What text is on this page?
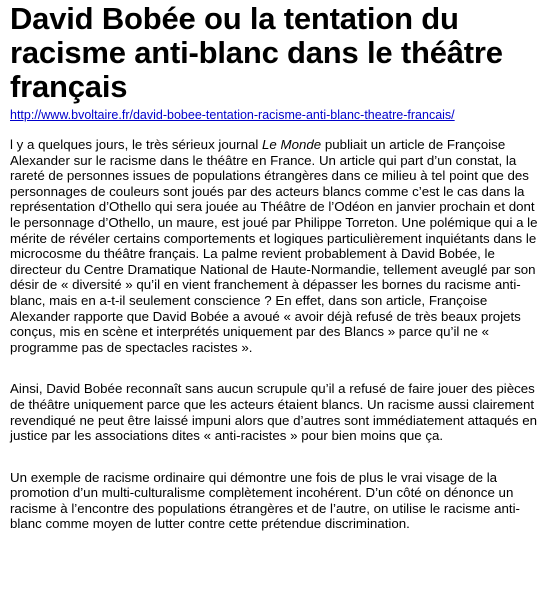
David Bobée ou la tentation du racisme anti-blanc dans le théâtre français
http://www.bvoltaire.fr/david-bobee-tentation-racisme-anti-blanc-theatre-francais/

l y a quelques jours, le très sérieux journal Le Monde publiait un article de Françoise Alexander sur le racisme dans le théâtre en France. Un article qui part d’un constat, la rareté de personnes issues de populations étrangères dans ce milieu à tel point que des personnages de couleurs sont joués par des acteurs blancs comme c’est le cas dans la représentation d’Othello qui sera jouée au Théâtre de l’Odéon en janvier prochain et dont le personnage d’Othello, un maure, est joué par Philippe Torreton. Une polémique qui a le mérite de révéler certains comportements et logiques particulièrement inquiétants dans le microcosme du théâtre français. La palme revient probablement à David Bobée, le directeur du Centre Dramatique National de Haute-Normandie, tellement aveuglé par son désir de « diversité » qu’il en vient franchement à dépasser les bornes du racisme anti-blanc, mais en a-t-il seulement conscience ? En effet, dans son article, Françoise Alexander rapporte que David Bobée a avoué « avoir déjà refusé de très beaux projets conçus, mis en scène et interprétés uniquement par des Blancs » parce qu’il ne « programme pas de spectacles racistes ».

Ainsi, David Bobée reconnaît sans aucun scrupule qu’il a refusé de faire jouer des pièces de théâtre uniquement parce que les acteurs étaient blancs. Un racisme aussi clairement revendiqué ne peut être laissé impuni alors que d’autres sont immédiatement attaqués en justice par les associations dites « anti-racistes » pour bien moins que ça.

Un exemple de racisme ordinaire qui démontre une fois de plus le vrai visage de la promotion d’un multi-culturalisme complètement incohérent. D’un côté on dénonce un racisme à l’encontre des populations étrangères et de l’autre, on utilise le racisme anti-blanc comme moyen de lutter contre cette prétendue discrimination.
